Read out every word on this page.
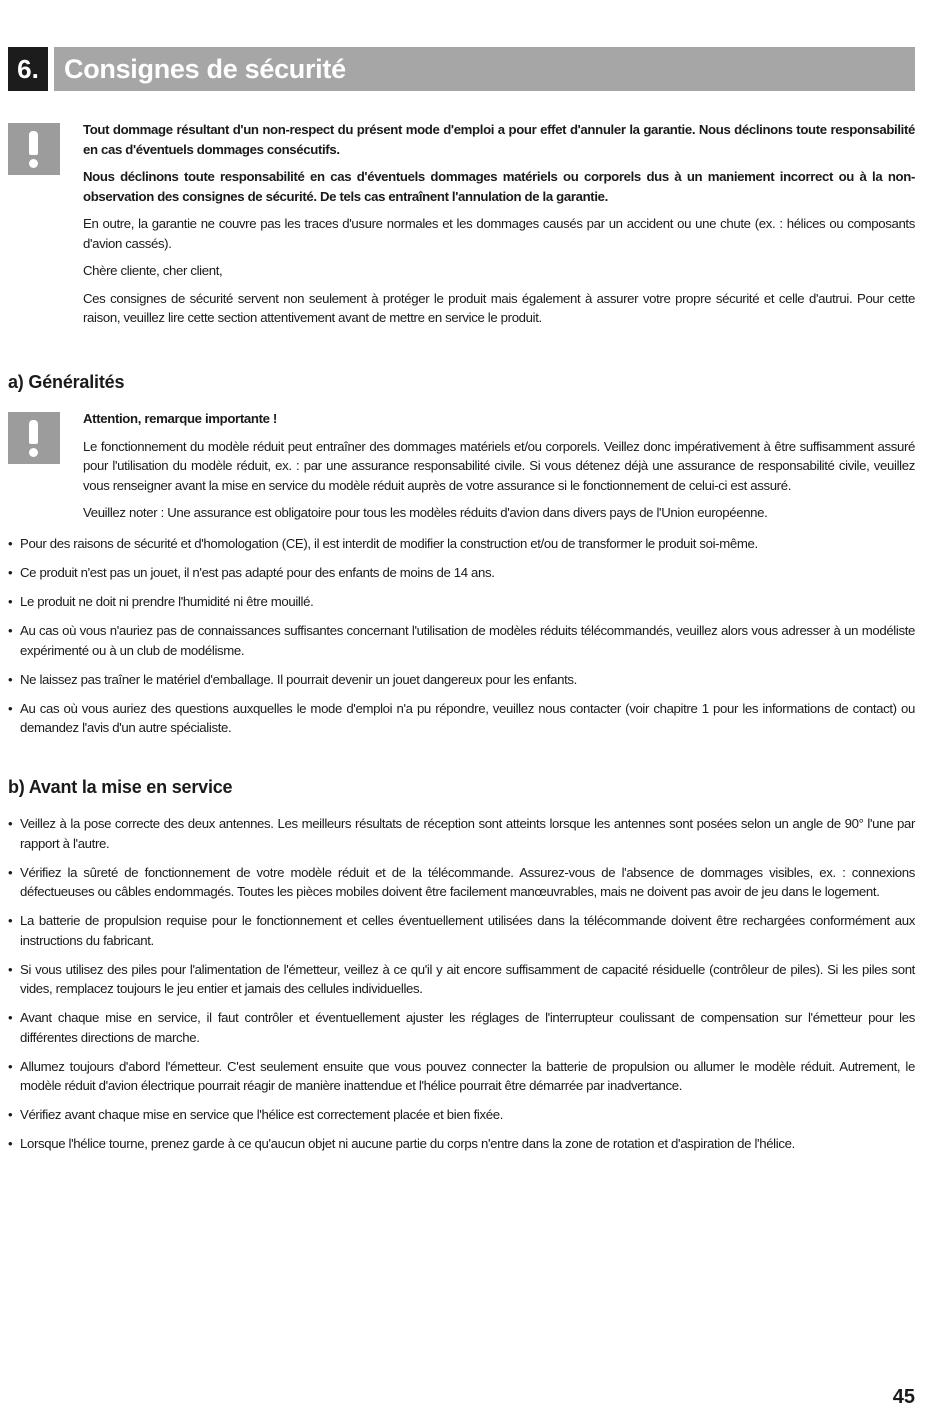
6. Consignes de sécurité

Tout dommage résultant d'un non-respect du présent mode d'emploi a pour effet d'annuler la garantie. Nous déclinons toute responsabilité en cas d'éventuels dommages consécutifs.

Nous déclinons toute responsabilité en cas d'éventuels dommages matériels ou corporels dus à un maniement incorrect ou à la non-observation des consignes de sécurité. De tels cas entraînent l'annulation de la garantie.

En outre, la garantie ne couvre pas les traces d'usure normales et les dommages causés par un accident ou une chute (ex. : hélices ou composants d'avion cassés).

Chère cliente, cher client,

Ces consignes de sécurité servent non seulement à protéger le produit mais également à assurer votre propre sécurité et celle d'autrui. Pour cette raison, veuillez lire cette section attentivement avant de mettre en service le produit.

a) Généralités

Attention, remarque importante !

Le fonctionnement du modèle réduit peut entraîner des dommages matériels et/ou corporels. Veillez donc impérativement à être suffisamment assuré pour l'utilisation du modèle réduit, ex. : par une assurance responsabilité civile. Si vous détenez déjà une assurance de responsabilité civile, veuillez vous renseigner avant la mise en service du modèle réduit auprès de votre assurance si le fonctionnement de celui-ci est assuré.

Veuillez noter : Une assurance est obligatoire pour tous les modèles réduits d'avion dans divers pays de l'Union européenne.

• Pour des raisons de sécurité et d'homologation (CE), il est interdit de modifier la construction et/ou de transformer le produit soi-même.
• Ce produit n'est pas un jouet, il n'est pas adapté pour des enfants de moins de 14 ans.
• Le produit ne doit ni prendre l'humidité ni être mouillé.
• Au cas où vous n'auriez pas de connaissances suffisantes concernant l'utilisation de modèles réduits télécommandés, veuillez alors vous adresser à un modéliste expérimenté ou à un club de modélisme.
• Ne laissez pas traîner le matériel d'emballage. Il pourrait devenir un jouet dangereux pour les enfants.
• Au cas où vous auriez des questions auxquelles le mode d'emploi n'a pu répondre, veuillez nous contacter (voir chapitre 1 pour les informations de contact) ou demandez l'avis d'un autre spécialiste.
b) Avant la mise en service
• Veillez à la pose correcte des deux antennes. Les meilleurs résultats de réception sont atteints lorsque les antennes sont posées selon un angle de 90° l'une par rapport à l'autre.
• Vérifiez la sûreté de fonctionnement de votre modèle réduit et de la télécommande. Assurez-vous de l'absence de dommages visibles, ex. : connexions défectueuses ou câbles endommagés. Toutes les pièces mobiles doivent être facilement manœuvrables, mais ne doivent pas avoir de jeu dans le logement.
• La batterie de propulsion requise pour le fonctionnement et celles éventuellement utilisées dans la télécommande doivent être rechargées conformément aux instructions du fabricant.
• Si vous utilisez des piles pour l'alimentation de l'émetteur, veillez à ce qu'il y ait encore suffisamment de capacité résiduelle (contrôleur de piles). Si les piles sont vides, remplacez toujours le jeu entier et jamais des cellules individuelles.
• Avant chaque mise en service, il faut contrôler et éventuellement ajuster les réglages de l'interrupteur coulissant de compensation sur l'émetteur pour les différentes directions de marche.
• Allumez toujours d'abord l'émetteur. C'est seulement ensuite que vous pouvez connecter la batterie de propulsion ou allumer le modèle réduit. Autrement, le modèle réduit d'avion électrique pourrait réagir de manière inattendue et l'hélice pourrait être démarrée par inadvertance.
• Vérifiez avant chaque mise en service que l'hélice est correctement placée et bien fixée.
• Lorsque l'hélice tourne, prenez garde à ce qu'aucun objet ni aucune partie du corps n'entre dans la zone de rotation et d'aspiration de l'hélice.
45
